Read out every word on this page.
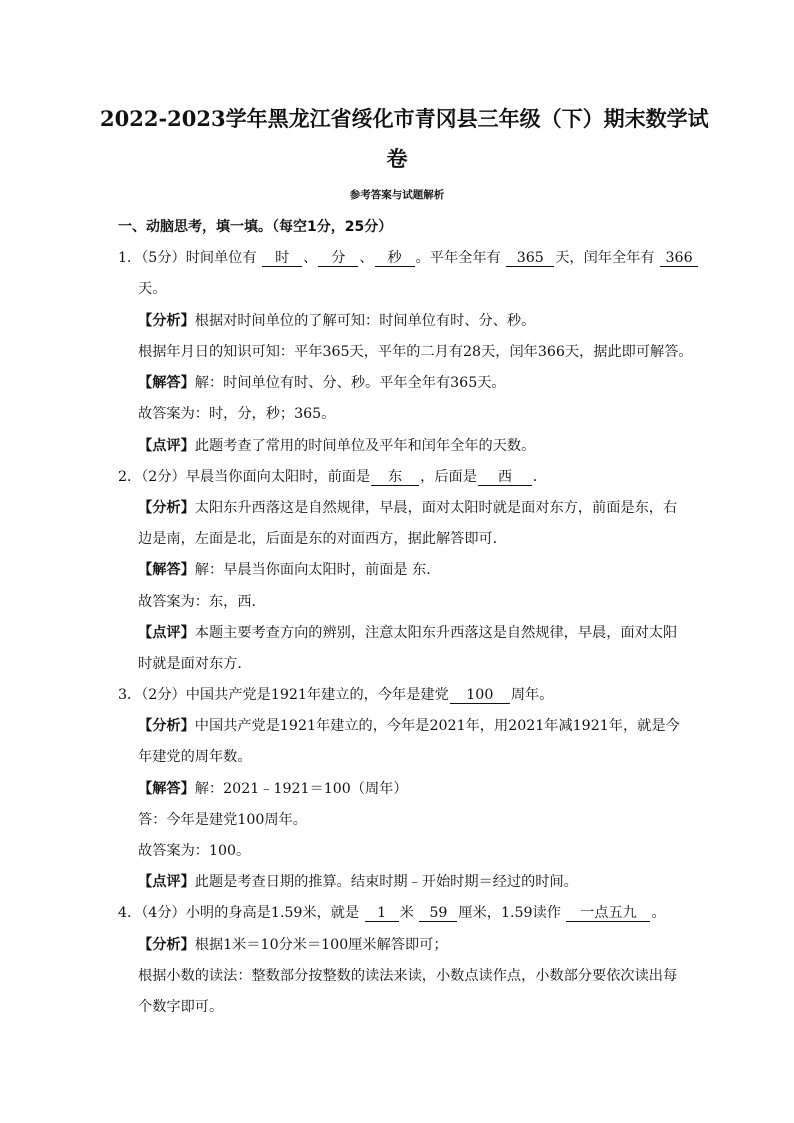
2022-2023学年黑龙江省绥化市青冈县三年级（下）期末数学试
卷
参考答案与试题解析
一、动脑思考，填一填。（每空1分，25分）
1．（5分）时间单位有 时 、 分 、 秒 。平年全年有 365 天，闰年全年有 366
天。
【分析】根据对时间单位的了解可知：时间单位有时、分、秒。
根据年月日的知识可知：平年365天，平年的二月有28天，闰年366天，据此即可解答。
【解答】解：时间单位有时、分、秒。平年全年有365天。
故答案为：时，分，秒；365。
【点评】此题考查了常用的时间单位及平年和闰年全年的天数。
2．（2分）早晨当你面向太阳时，前面是 东 ，后面是 西 ．
【分析】太阳东升西落这是自然规律，早晨，面对太阳时就是面对东方，前面是东，右
边是南，左面是北，后面是东的对面西方，据此解答即可．
【解答】解：早晨当你面向太阳时，前面是 东．
故答案为：东，西．
【点评】本题主要考查方向的辨别，注意太阳东升西落这是自然规律，早晨，面对太阳
时就是面对东方．
3．（2分）中国共产党是1921年建立的，今年是建党 100 周年。
【分析】中国共产党是1921年建立的，今年是2021年，用2021年减1921年，就是今
年建党的周年数。
【解答】解：2021﹣1921＝100（周年）
答：今年是建党100周年。
故答案为：100。
【点评】此题是考查日期的推算。结束时期﹣开始时期＝经过的时间。
4．（4分）小明的身高是1.59米，就是 1 米 59 厘米，1.59读作 一点五九 。
【分析】根据1米＝10分米＝100厘米解答即可；
根据小数的读法：整数部分按整数的读法来读，小数点读作点，小数部分要依次读出每
个数字即可。
